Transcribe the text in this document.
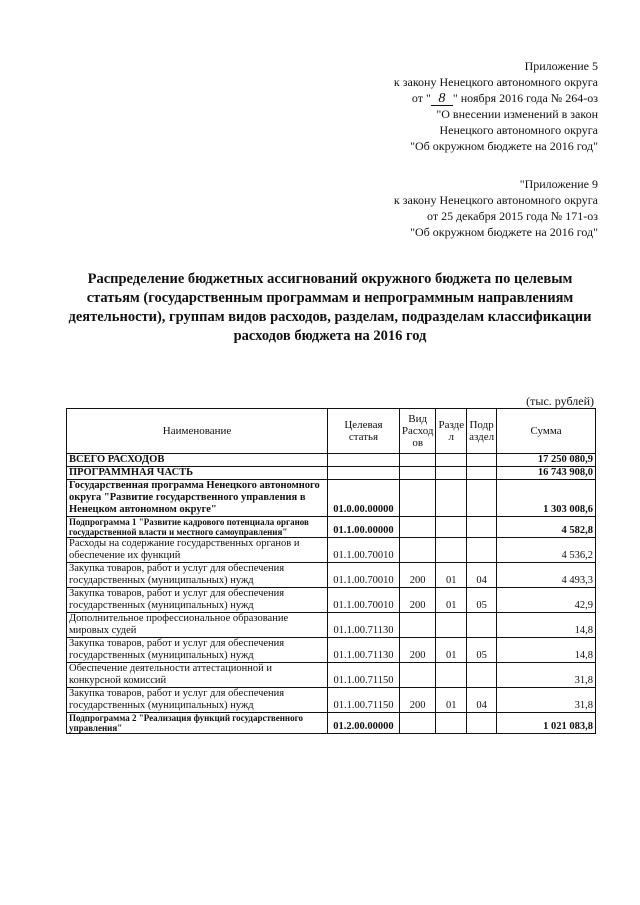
Приложение 5
к закону Ненецкого автономного округа
от " 8 " ноября 2016 года № 264-оз
"О внесении изменений в закон
Ненецкого автономного округа
"Об окружном бюджете на 2016 год"
"Приложение 9
к закону Ненецкого автономного округа
от 25 декабря 2015 года № 171-оз
"Об окружном бюджете на 2016 год"
Распределение бюджетных ассигнований окружного бюджета по целевым статьям (государственным программам и непрограммным направлениям деятельности), группам видов расходов, разделам, подразделам классификации расходов бюджета на 2016 год
(тыс. рублей)
Наименование	Целевая статья	Вид Расход ов	Разде л	Подр аздел	Сумма
ВСЕГО РАСХОДОВ					17 250 080,9
ПРОГРАММНАЯ ЧАСТЬ					16 743 908,0
Государственная программа Ненецкого автономного округа "Развитие государственного управления в Ненецком автономном округе"	01.0.00.00000				1 303 008,6
Подпрограмма 1 "Развитие кадрового потенциала органов государственной власти и местного самоуправления"	01.1.00.00000				4 582,8
Расходы на содержание государственных органов и обеспечение их функций	01.1.00.70010				4 536,2
Закупка товаров, работ и услуг для обеспечения государственных (муниципальных) нужд	01.1.00.70010	200	01	04	4 493,3
Закупка товаров, работ и услуг для обеспечения государственных (муниципальных) нужд	01.1.00.70010	200	01	05	42,9
Дополнительное профессиональное образование мировых судей	01.1.00.71130				14,8
Закупка товаров, работ и услуг для обеспечения государственных (муниципальных) нужд	01.1.00.71130	200	01	05	14,8
Обеспечение деятельности аттестационной и конкурсной комиссий	01.1.00.71150				31,8
Закупка товаров, работ и услуг для обеспечения государственных (муниципальных) нужд	01.1.00.71150	200	01	04	31,8
Подпрограмма 2 "Реализация функций государственного управления"	01.2.00.00000				1 021 083,8
